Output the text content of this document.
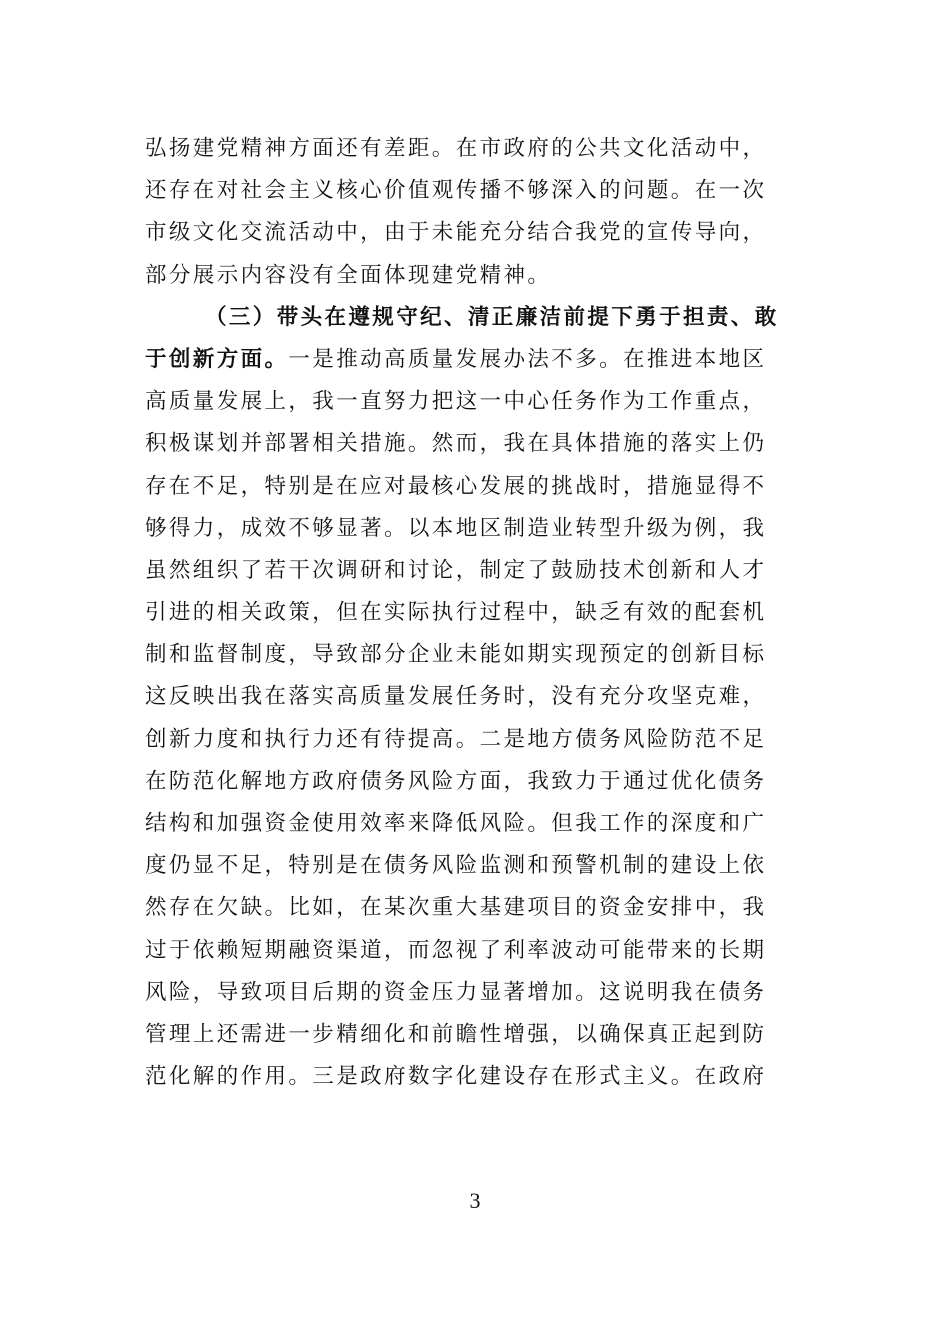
弘扬建党精神方面还有差距。在市政府的公共文化活动中，
还存在对社会主义核心价值观传播不够深入的问题。在一次
市级文化交流活动中，由于未能充分结合我党的宣传导向，
部分展示内容没有全面体现建党精神。
（三）带头在遵规守纪、清正廉洁前提下勇于担责、敢
于创新方面。一是推动高质量发展办法不多。在推进本地区
高质量发展上，我一直努力把这一中心任务作为工作重点，
积极谋划并部署相关措施。然而，我在具体措施的落实上仍
存在不足，特别是在应对最核心发展的挑战时，措施显得不
够得力，成效不够显著。以本地区制造业转型升级为例，我
虽然组织了若干次调研和讨论，制定了鼓励技术创新和人才
引进的相关政策，但在实际执行过程中，缺乏有效的配套机
制和监督制度，导致部分企业未能如期实现预定的创新目标
这反映出我在落实高质量发展任务时，没有充分攻坚克难，
创新力度和执行力还有待提高。二是地方债务风险防范不足
在防范化解地方政府债务风险方面，我致力于通过优化债务
结构和加强资金使用效率来降低风险。但我工作的深度和广
度仍显不足，特别是在债务风险监测和预警机制的建设上依
然存在欠缺。比如，在某次重大基建项目的资金安排中，我
过于依赖短期融资渠道，而忽视了利率波动可能带来的长期
风险，导致项目后期的资金压力显著增加。这说明我在债务
管理上还需进一步精细化和前瞻性增强，以确保真正起到防
范化解的作用。三是政府数字化建设存在形式主义。在政府
3
